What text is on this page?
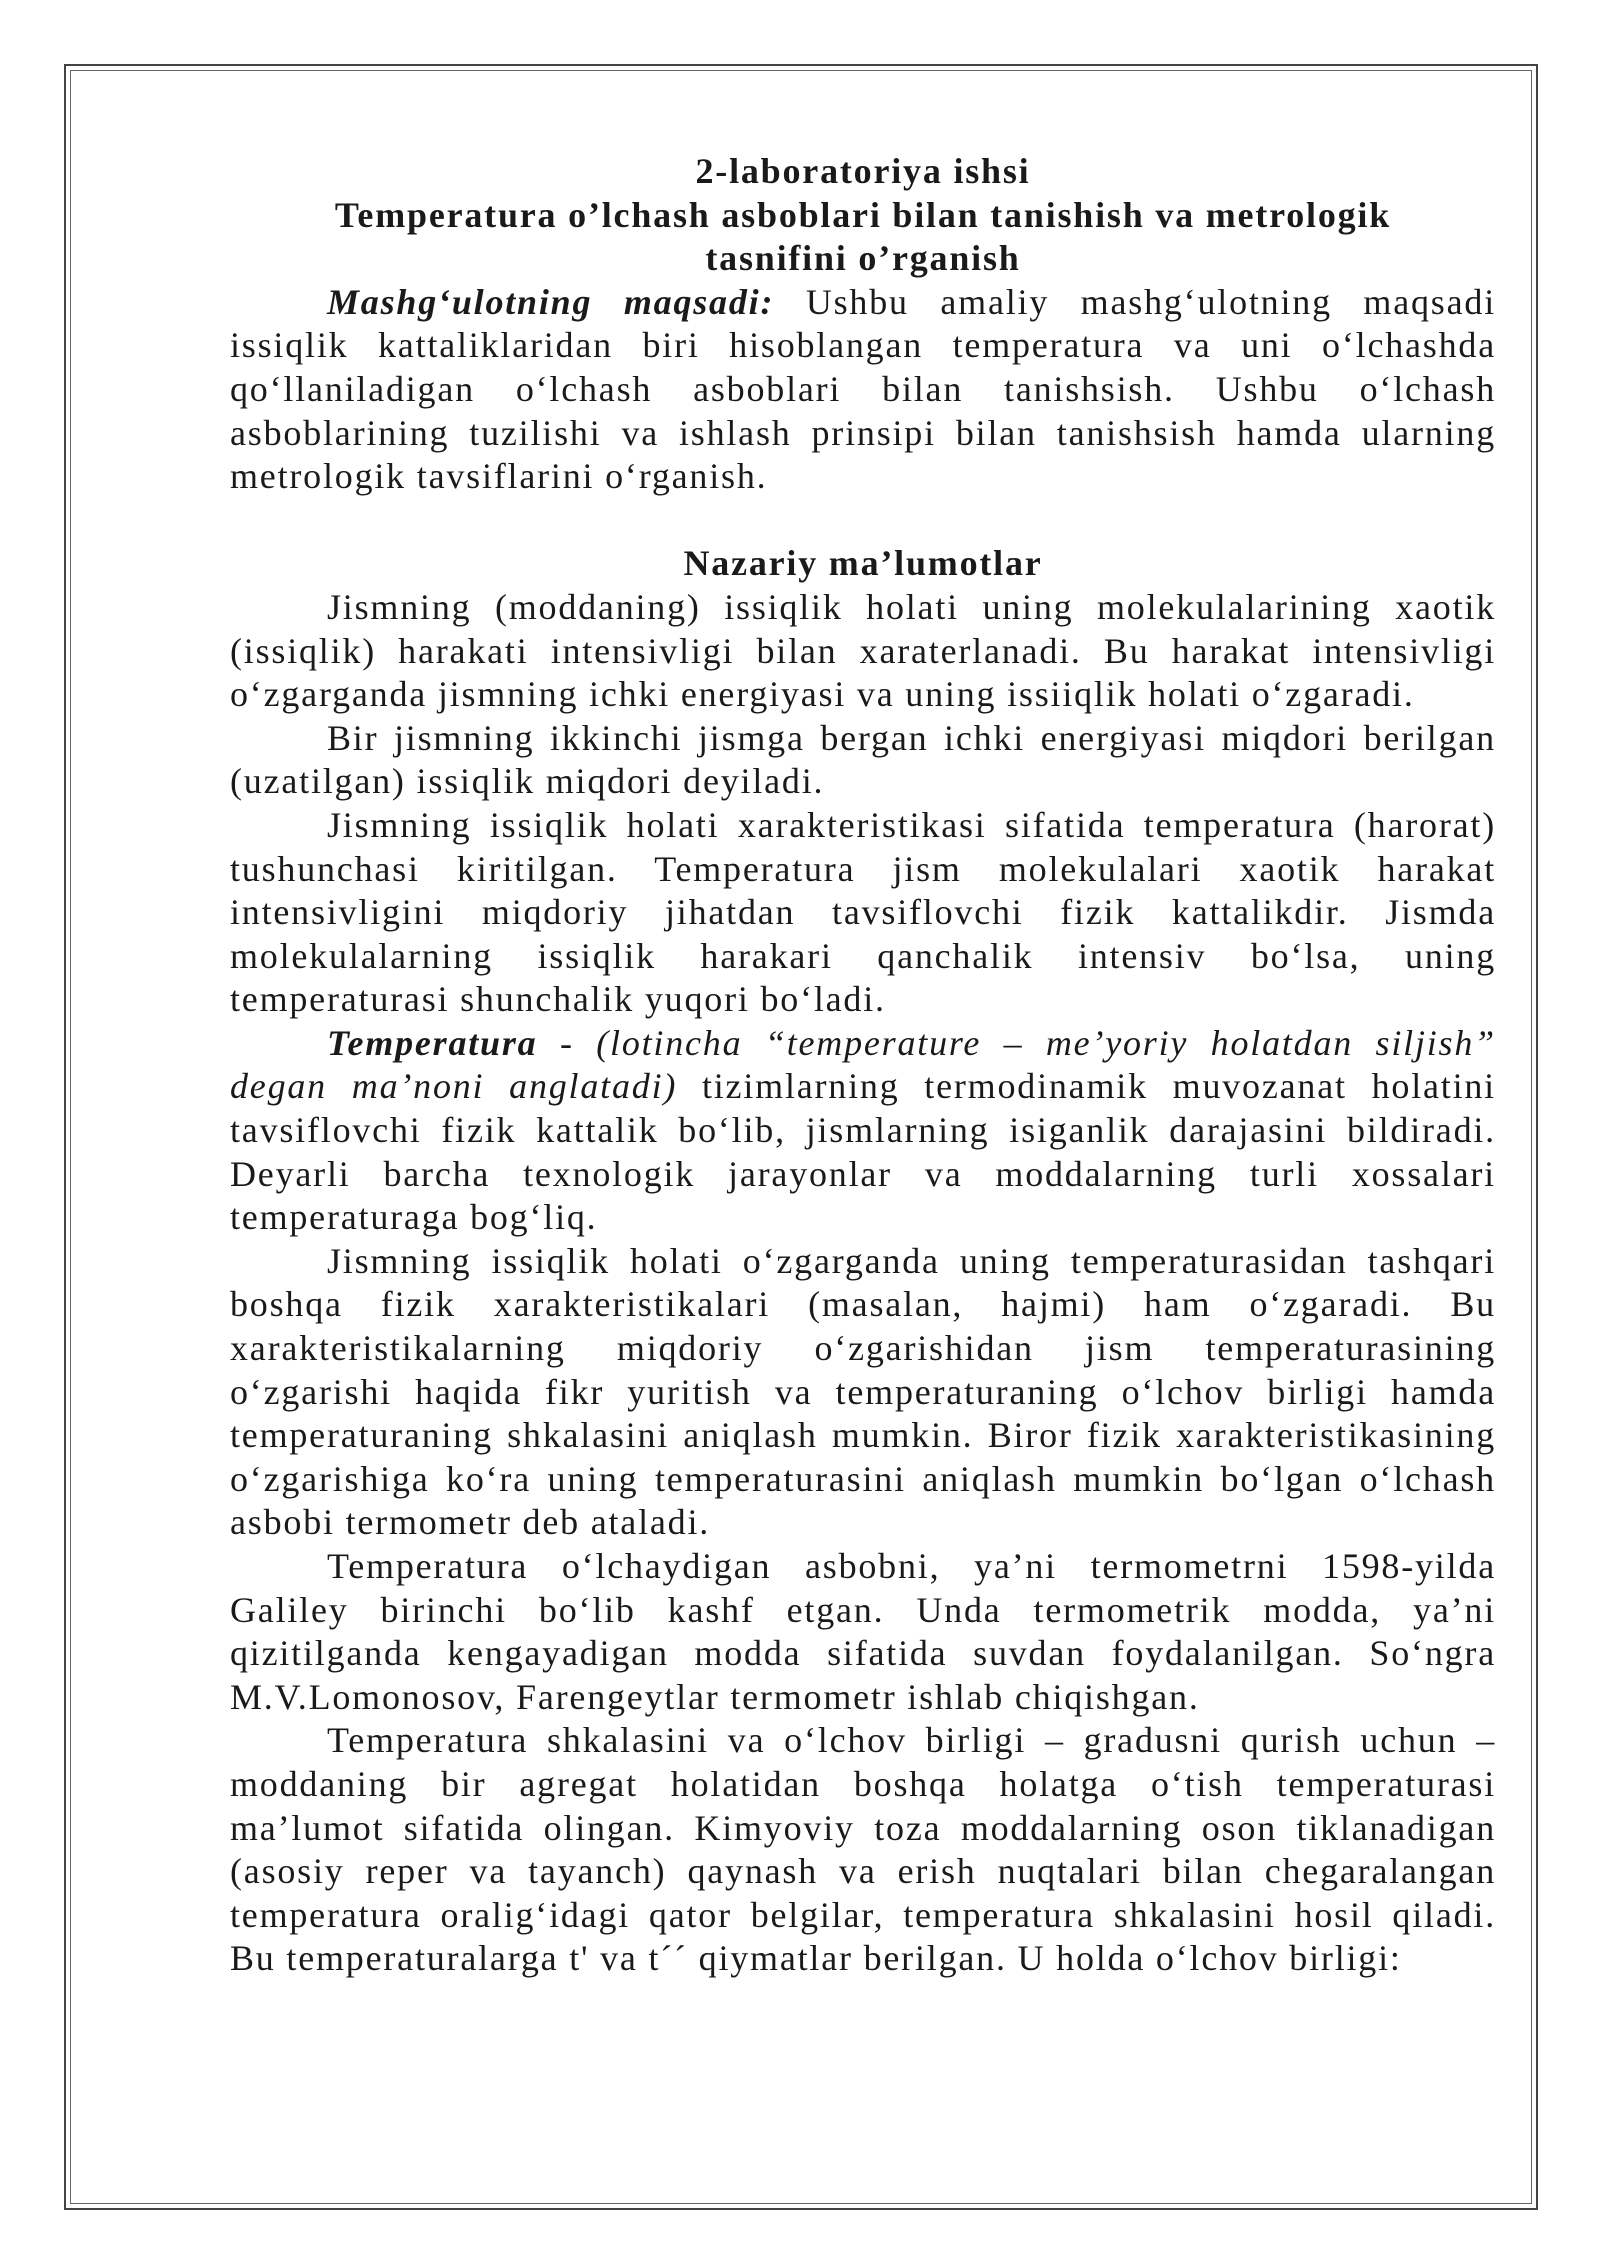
2-laboratoriya ishsi
Temperatura o’lchash asboblari bilan tanishish va metrologik
tasnifini o’rganish

Mashg‘ulotning maqsadi: Ushbu amaliy mashg‘ulotning maqsadi issiqlik kattaliklaridan biri hisoblangan temperatura va uni o‘lchashda qo‘llaniladigan o‘lchash asboblari bilan tanishsish. Ushbu o‘lchash asboblarining tuzilishi va ishlash prinsipi bilan tanishsish hamda ularning metrologik tavsiflarini o‘rganish.

Nazariy ma’lumotlar

Jismning (moddaning) issiqlik holati uning molekulalarining xaotik (issiqlik) harakati intensivligi bilan xaraterlanadi. Bu harakat intensivligi o‘zgarganda jismning ichki energiyasi va uning issiiqlik holati o‘zgaradi.

Bir jismning ikkinchi jismga bergan ichki energiyasi miqdori berilgan (uzatilgan) issiqlik miqdori deyiladi.

Jismning issiqlik holati xarakteristikasi sifatida temperatura (harorat) tushunchasi kiritilgan. Temperatura jism molekulalari xaotik harakat intensivligini miqdoriy jihatdan tavsiflovchi fizik kattalikdir. Jismda molekulalarning issiqlik harakari qanchalik intensiv bo‘lsa, uning temperaturasi shunchalik yuqori bo‘ladi.

Temperatura - (lotincha “temperature – me’yoriy holatdan siljish” degan ma’noni anglatadi) tizimlarning termodinamik muvozanat holatini tavsiflovchi fizik kattalik bo‘lib, jismlarning isiganlik darajasini bildiradi. Deyarli barcha texnologik jarayonlar va moddalarning turli xossalari temperaturaga bog‘liq.

Jismning issiqlik holati o‘zgarganda uning temperaturasidan tashqari boshqa fizik xarakteristikalari (masalan, hajmi) ham o‘zgaradi. Bu xarakteristikalarning miqdoriy o‘zgarishidan jism temperaturasining o‘zgarishi haqida fikr yuritish va temperaturaning o‘lchov birligi hamda temperaturaning shkalasini aniqlash mumkin. Biror fizik xarakteristikasining o‘zgarishiga ko‘ra uning temperaturasini aniqlash mumkin bo‘lgan o‘lchash asbobi termometr deb ataladi.

Temperatura o‘lchaydigan asbobni, ya’ni termometrni 1598-yilda Galiley birinchi bo‘lib kashf etgan. Unda termometrik modda, ya’ni qizitilganda kengayadigan modda sifatida suvdan foydalanilgan. So‘ngra M.V.Lomonosov, Farengeytlar termometr ishlab chiqishgan.

Temperatura shkalasini va o‘lchov birligi – gradusni qurish uchun – moddaning bir agregat holatidan boshqa holatga o‘tish temperaturasi ma’lumot sifatida olingan. Kimyoviy toza moddalarning oson tiklanadigan (asosiy reper va tayanch) qaynash va erish nuqtalari bilan chegaralangan temperatura oralig‘idagi qator belgilar, temperatura shkalasini hosil qiladi. Bu temperaturalarga t' va t´´ qiymatlar berilgan. U holda o‘lchov birligi:
